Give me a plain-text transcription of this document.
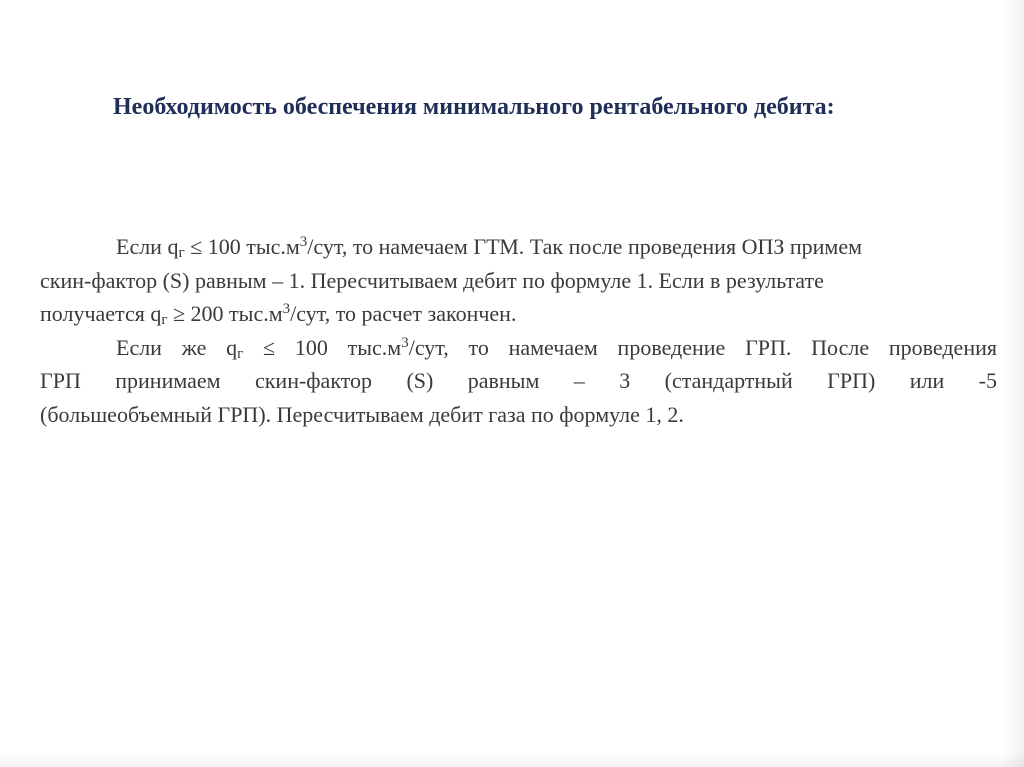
Необходимость обеспечения минимального рентабельного дебита:

Если $q_г \le 100$ $тыс.м^3$/сут, то намечаем ГТМ. Так после проведения ОПЗ примем
скин-фактор (S) равным – 1. Пересчитываем дебит по формуле 1. Если в результате
получается $q_г \ge 200$ $тыс.м^3$/сут, то расчет закончен.

Если же $q_г \le 100$ $тыс.м^3$/сут, то намечаем проведение ГРП. После проведения
ГРП принимаем скин-фактор (S) равным – 3 (стандартный ГРП) или -5
(большеобъемный ГРП). Пересчитываем дебит газа по формуле 1, 2.
